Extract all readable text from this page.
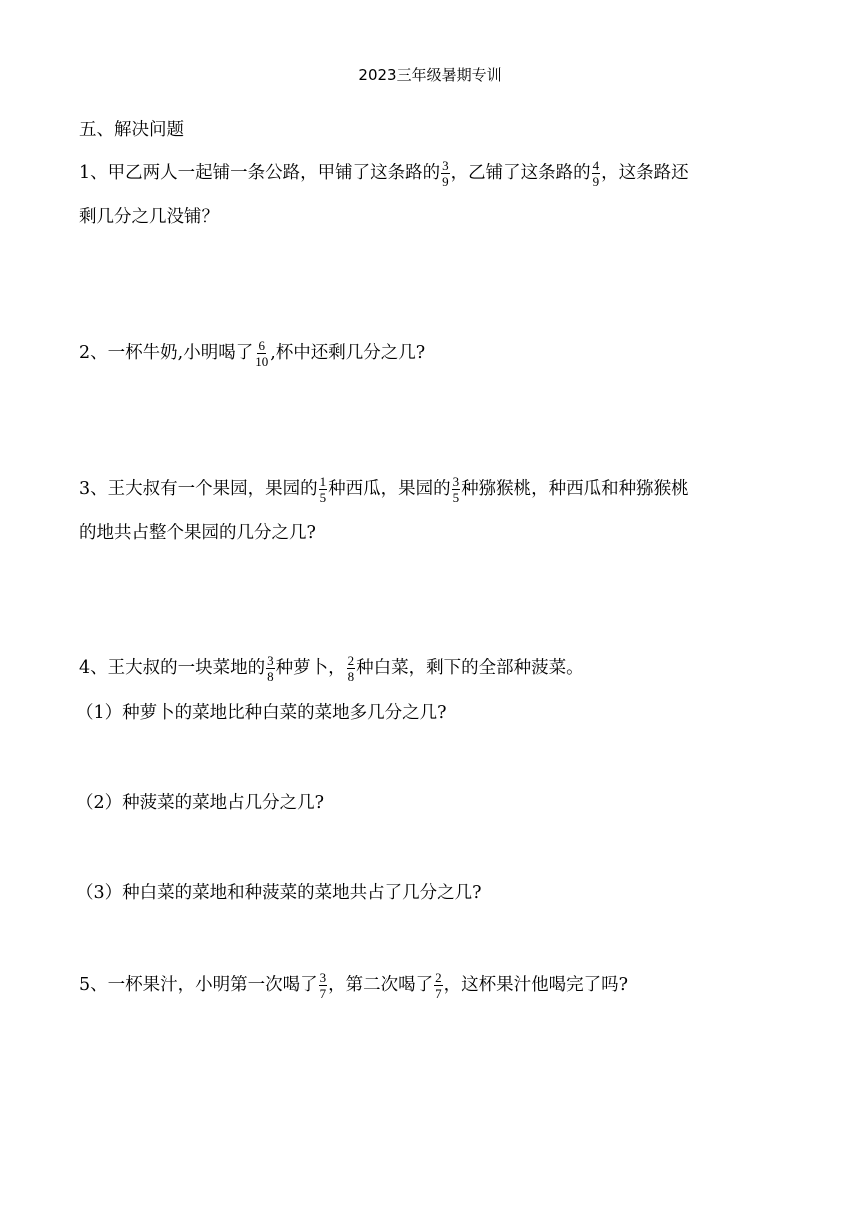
2023三年级暑期专训
五、解决问题
1、甲乙两人一起铺一条公路，甲铺了这条路的 $\frac{3}{9}$ ，乙铺了这条路的 $\frac{4}{9}$ ，这条路还
剩几分之几没铺？
2、一杯牛奶,小明喝了 $\frac{6}{10}$ ,杯中还剩几分之几?
3、王大叔有一个果园，果园的 $\frac{1}{5}$ 种西瓜，果园的 $\frac{3}{5}$ 种猕猴桃，种西瓜和种猕猴桃
的地共占整个果园的几分之几?
4、王大叔的一块菜地的 $\frac{3}{8}$ 种萝卜， $\frac{2}{8}$ 种白菜，剩下的全部种菠菜。
（1）种萝卜的菜地比种白菜的菜地多几分之几?
（2）种菠菜的菜地占几分之几?
（3）种白菜的菜地和种菠菜的菜地共占了几分之几?
5、一杯果汁，小明第一次喝了 $\frac{3}{7}$ ，第二次喝了 $\frac{2}{7}$ ，这杯果汁他喝完了吗?
